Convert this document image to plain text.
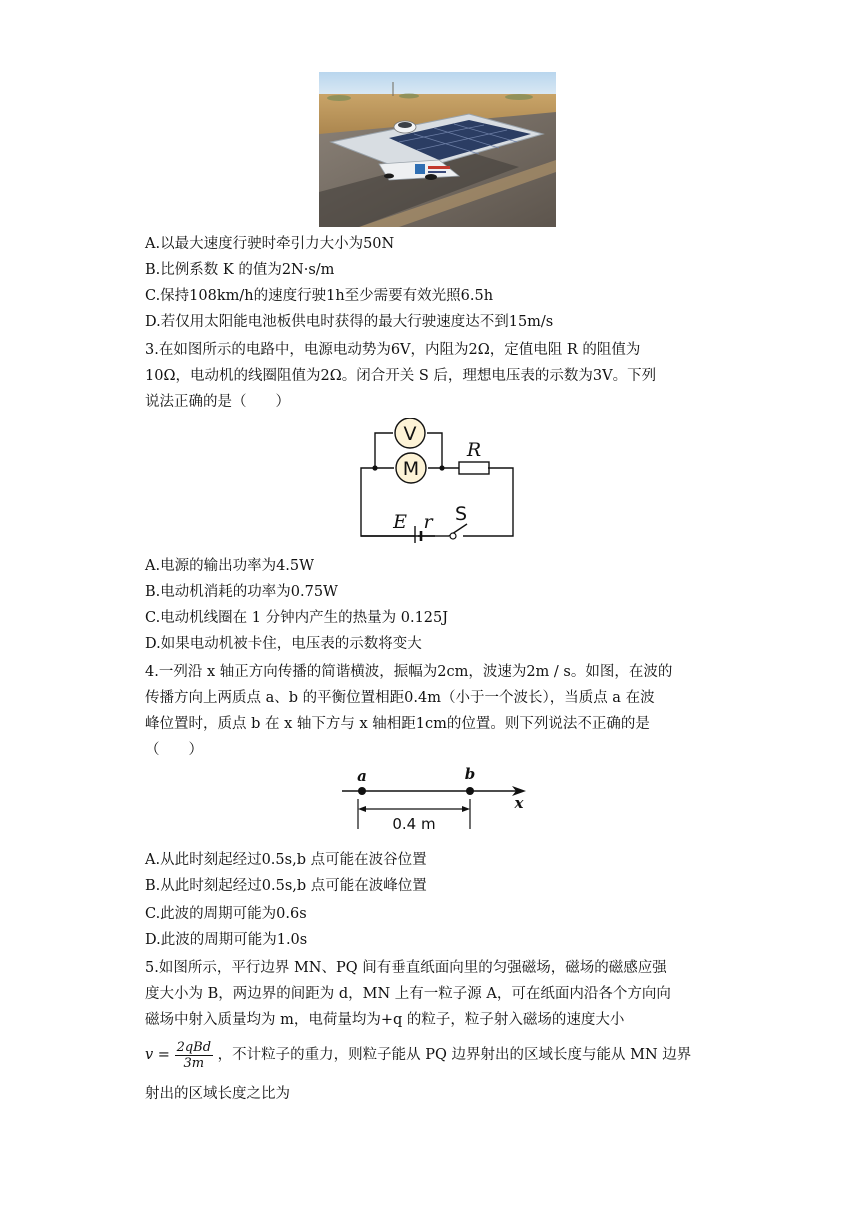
A.以最大速度行驶时牵引力大小为50N
B.比例系数 K 的值为2N·s/m
C.保持108km/h的速度行驶1h至少需要有效光照6.5h
D.若仅用太阳能电池板供电时获得的最大行驶速度达不到15m/s
3.在如图所示的电路中，电源电动势为6V，内阻为2Ω，定值电阻 R 的阻值为
10Ω，电动机的线圈阻值为2Ω。闭合开关 S 后，理想电压表的示数为3V。下列
说法正确的是（　　）
V
M
R
E r S
A.电源的输出功率为4.5W
B.电动机消耗的功率为0.75W
C.电动机线圈在 1 分钟内产生的热量为 0.125J
D.如果电动机被卡住，电压表的示数将变大
4.一列沿 x 轴正方向传播的简谐横波，振幅为2cm，波速为2m / s。如图，在波的
传播方向上两质点 a、b 的平衡位置相距0.4m（小于一个波长），当质点 a 在波
峰位置时，质点 b 在 x 轴下方与 x 轴相距1cm的位置。则下列说法不正确的是
（　　）
a	b
x
0.4 m
A.从此时刻起经过0.5s,b 点可能在波谷位置
B.从此时刻起经过0.5s,b 点可能在波峰位置
C.此波的周期可能为0.6s
D.此波的周期可能为1.0s
5.如图所示，平行边界 MN、PQ 间有垂直纸面向里的匀强磁场，磁场的磁感应强
度大小为 B，两边界的间距为 d，MN 上有一粒子源 A，可在纸面内沿各个方向向
磁场中射入质量均为 m，电荷量均为+q 的粒子，粒子射入磁场的速度大小
$v = \frac{\text{2qBd}}{3m}$ ，不计粒子的重力，则粒子能从 PQ 边界射出的区域长度与能从 MN 边界
射出的区域长度之比为
